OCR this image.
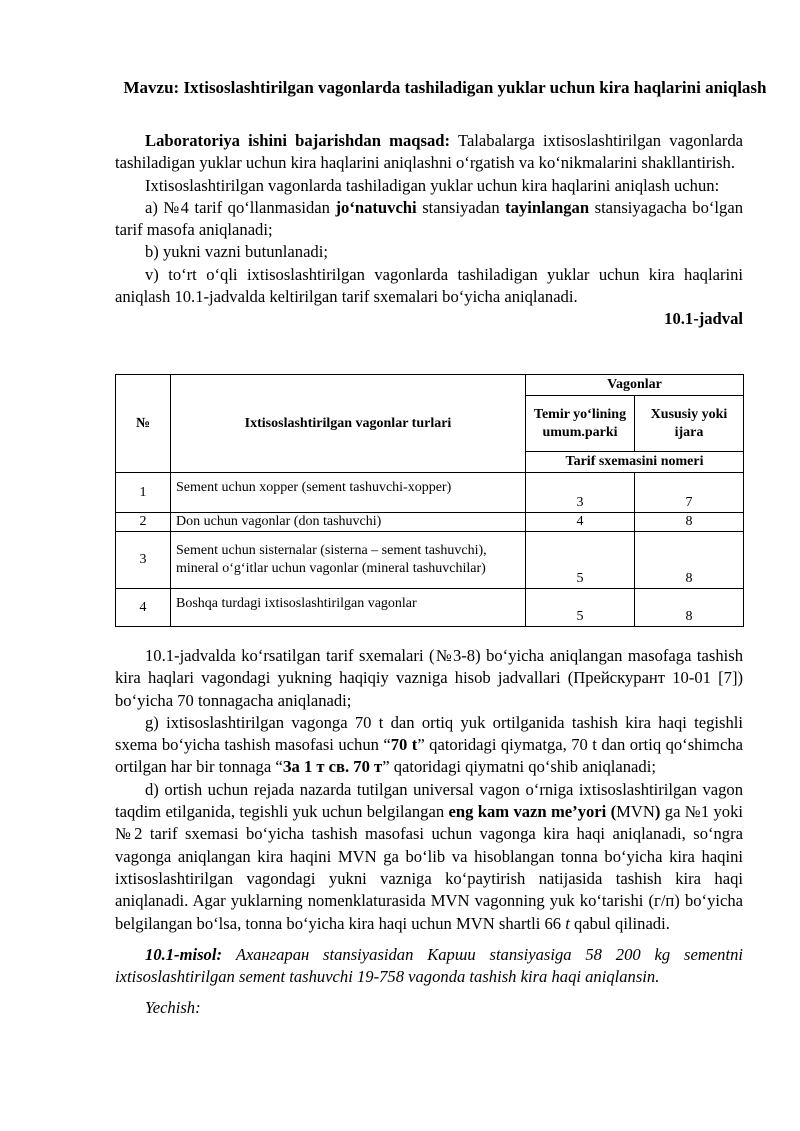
Mavzu: Ixtisoslashtirilgan vagonlarda tashiladigan yuklar uchun kira haqlarini aniqlash

Laboratoriya ishini bajarishdan maqsad: Talabalarga ixtisoslashtirilgan vagonlarda tashiladigan yuklar uchun kira haqlarini aniqlashni o‘rgatish va ko‘nikmalarini shakllantirish.

Ixtisoslashtirilgan vagonlarda tashiladigan yuklar uchun kira haqlarini aniqlash uchun:

a) №4 tarif qo‘llanmasidan jo‘natuvchi stansiyadan tayinlangan stansiyagacha bo‘lgan tarif masofa aniqlanadi;

b) yukni vazni butunlanadi;

v) to‘rt o‘qli ixtisoslashtirilgan vagonlarda tashiladigan yuklar uchun kira haqlarini aniqlash 10.1-jadvalda keltirilgan tarif sxemalari bo‘yicha aniqlanadi.

10.1-jadval
№	Ixtisoslashtirilgan vagonlar turlari	Vagonlar	
		Temir yo‘lining umum.parki	Xususiy yoki ijara
		Tarif sxemasini nomeri	
1	Sement uchun xopper (sement tashuvchi-xopper)	3	7
2	Don uchun vagonlar (don tashuvchi)	4	8
3	Sement uchun sisternalar (sisterna – sement tashuvchi), mineral o‘g‘itlar uchun vagonlar (mineral tashuvchilar)	5	8
4	Boshqa turdagi ixtisoslashtirilgan vagonlar	5	8

10.1-jadvalda ko‘rsatilgan tarif sxemalari (№3-8) bo‘yicha aniqlangan masofaga tashish kira haqlari vagondagi yukning haqiqiy vazniga hisob jadvallari (Прейскурант 10-01 [7]) bo‘yicha 70 tonnagacha aniqlanadi;

g) ixtisoslashtirilgan vagonga 70 t dan ortiq yuk ortilganida tashish kira haqi tegishli sxema bo‘yicha tashish masofasi uchun “70 t” qatoridagi qiymatga, 70 t dan ortiq qo‘shimcha ortilgan har bir tonnaga “За 1 т св. 70 т” qatoridagi qiymatni qo‘shib aniqlanadi;

d) ortish uchun rejada nazarda tutilgan universal vagon o‘rniga ixtisoslashtirilgan vagon taqdim etilganida, tegishli yuk uchun belgilangan eng kam vazn me’yori (MVN) ga №1 yoki №2 tarif sxemasi bo‘yicha tashish masofasi uchun vagonga kira haqi aniqlanadi, so‘ngra vagonga aniqlangan kira haqini MVN ga bo‘lib va hisoblangan tonna bo‘yicha kira haqini ixtisoslashtirilgan vagondagi yukni vazniga ko‘paytirish natijasida tashish kira haqi aniqlanadi. Agar yuklarning nomenklaturasida MVN vagonning yuk ko‘tarishi (г/п) bo‘yicha belgilangan bo‘lsa, tonna bo‘yicha kira haqi uchun MVN shartli 66 t qabul qilinadi.

10.1-misol: Ахангаран stansiyasidan Карши stansiyasiga 58 200 kg sementni ixtisoslashtirilgan sement tashuvchi 19-758 vagonda tashish kira haqi aniqlansin.

Yechish:
